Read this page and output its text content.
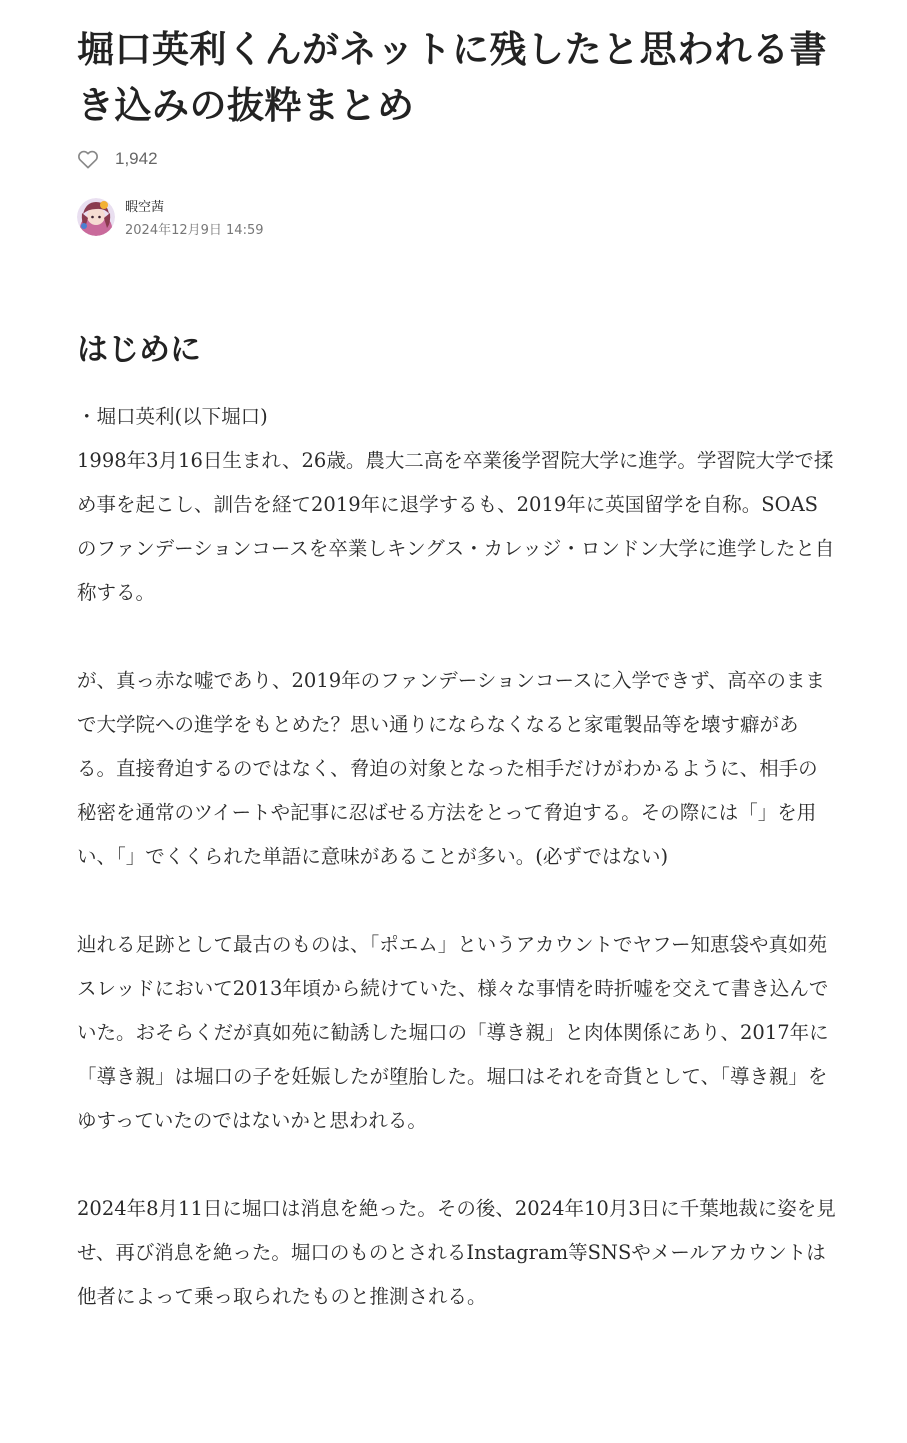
堀口英利くんがネットに残したと思われる書き込みの抜粋まとめ
1,942
暇空茜
2024年12月9日 14:59
はじめに

・堀口英利(以下堀口)
1998年3月16日生まれ、26歳。農大二高を卒業後学習院大学に進学。学習院大学で揉め事を起こし、訓告を経て2019年に退学するも、2019年に英国留学を自称。SOASのファンデーションコースを卒業しキングス・カレッジ・ロンドン大学に進学したと自称する。

が、真っ赤な嘘であり、2019年のファンデーションコースに入学できず、高卒のままで大学院への進学をもとめた？思い通りにならなくなると家電製品等を壊す癖がある。直接脅迫するのではなく、脅迫の対象となった相手だけがわかるように、相手の秘密を通常のツイートや記事に忍ばせる方法をとって脅迫する。その際には「」を用い、「」でくくられた単語に意味があることが多い。(必ずではない)

辿れる足跡として最古のものは、「ポエム」というアカウントでヤフー知恵袋や真如苑スレッドにおいて2013年頃から続けていた、様々な事情を時折嘘を交えて書き込んでいた。おそらくだが真如苑に勧誘した堀口の「導き親」と肉体関係にあり、2017年に「導き親」は堀口の子を妊娠したが堕胎した。堀口はそれを奇貨として、「導き親」をゆすっていたのではないかと思われる。

2024年8月11日に堀口は消息を絶った。その後、2024年10月3日に千葉地裁に姿を見せ、再び消息を絶った。堀口のものとされるInstagram等SNSやメールアカウントは他者によって乗っ取られたものと推測される。
